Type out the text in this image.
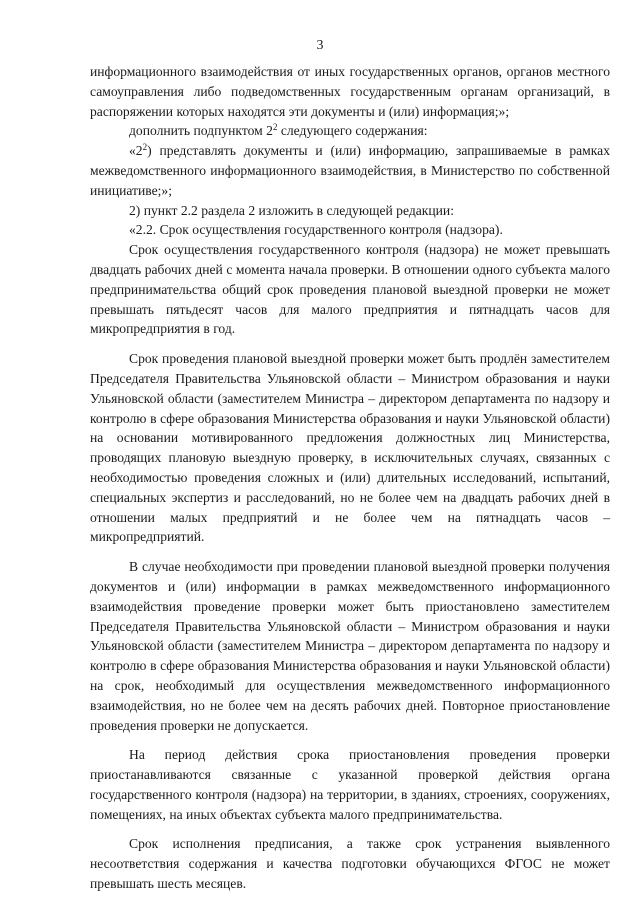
3

информационного взаимодействия от иных государственных органов, органов местного самоуправления либо подведомственных государственным органам организаций, в распоряжении которых находятся эти документы и (или) информация;»;

дополнить подпунктом $2^2$ следующего содержания:

«$2^2$) представлять документы и (или) информацию, запрашиваемые в рамках межведомственного информационного взаимодействия, в Министерство по собственной инициативе;»;

2) пункт 2.2 раздела 2 изложить в следующей редакции:

«2.2. Срок осуществления государственного контроля (надзора).

Срок осуществления государственного контроля (надзора) не может превышать двадцать рабочих дней с момента начала проверки. В отношении одного субъекта малого предпринимательства общий срок проведения плановой выездной проверки не может превышать пятьдесят часов для малого предприятия и пятнадцать часов для микропредприятия в год.

Срок проведения плановой выездной проверки может быть продлён заместителем Председателя Правительства Ульяновской области – Министром образования и науки Ульяновской области (заместителем Министра – директором департамента по надзору и контролю в сфере образования Министерства образования и науки Ульяновской области) на основании мотивированного предложения должностных лиц Министерства, проводящих плановую выездную проверку, в исключительных случаях, связанных с необходимостью проведения сложных и (или) длительных исследований, испытаний, специальных экспертиз и расследований, но не более чем на двадцать рабочих дней в отношении малых предприятий и не более чем на пятнадцать часов – микропредприятий.

В случае необходимости при проведении плановой выездной проверки получения документов и (или) информации в рамках межведомственного информационного взаимодействия проведение проверки может быть приостановлено заместителем Председателя Правительства Ульяновской области – Министром образования и науки Ульяновской области (заместителем Министра – директором департамента по надзору и контролю в сфере образования Министерства образования и науки Ульяновской области) на срок, необходимый для осуществления межведомственного информационного взаимодействия, но не более чем на десять рабочих дней. Повторное приостановление проведения проверки не допускается.

На период действия срока приостановления проведения проверки приостанавливаются связанные с указанной проверкой действия органа государственного контроля (надзора) на территории, в зданиях, строениях, сооружениях, помещениях, на иных объектах субъекта малого предпринимательства.

Срок исполнения предписания, а также срок устранения выявленного несоответствия содержания и качества подготовки обучающихся ФГОС не может превышать шесть месяцев.
